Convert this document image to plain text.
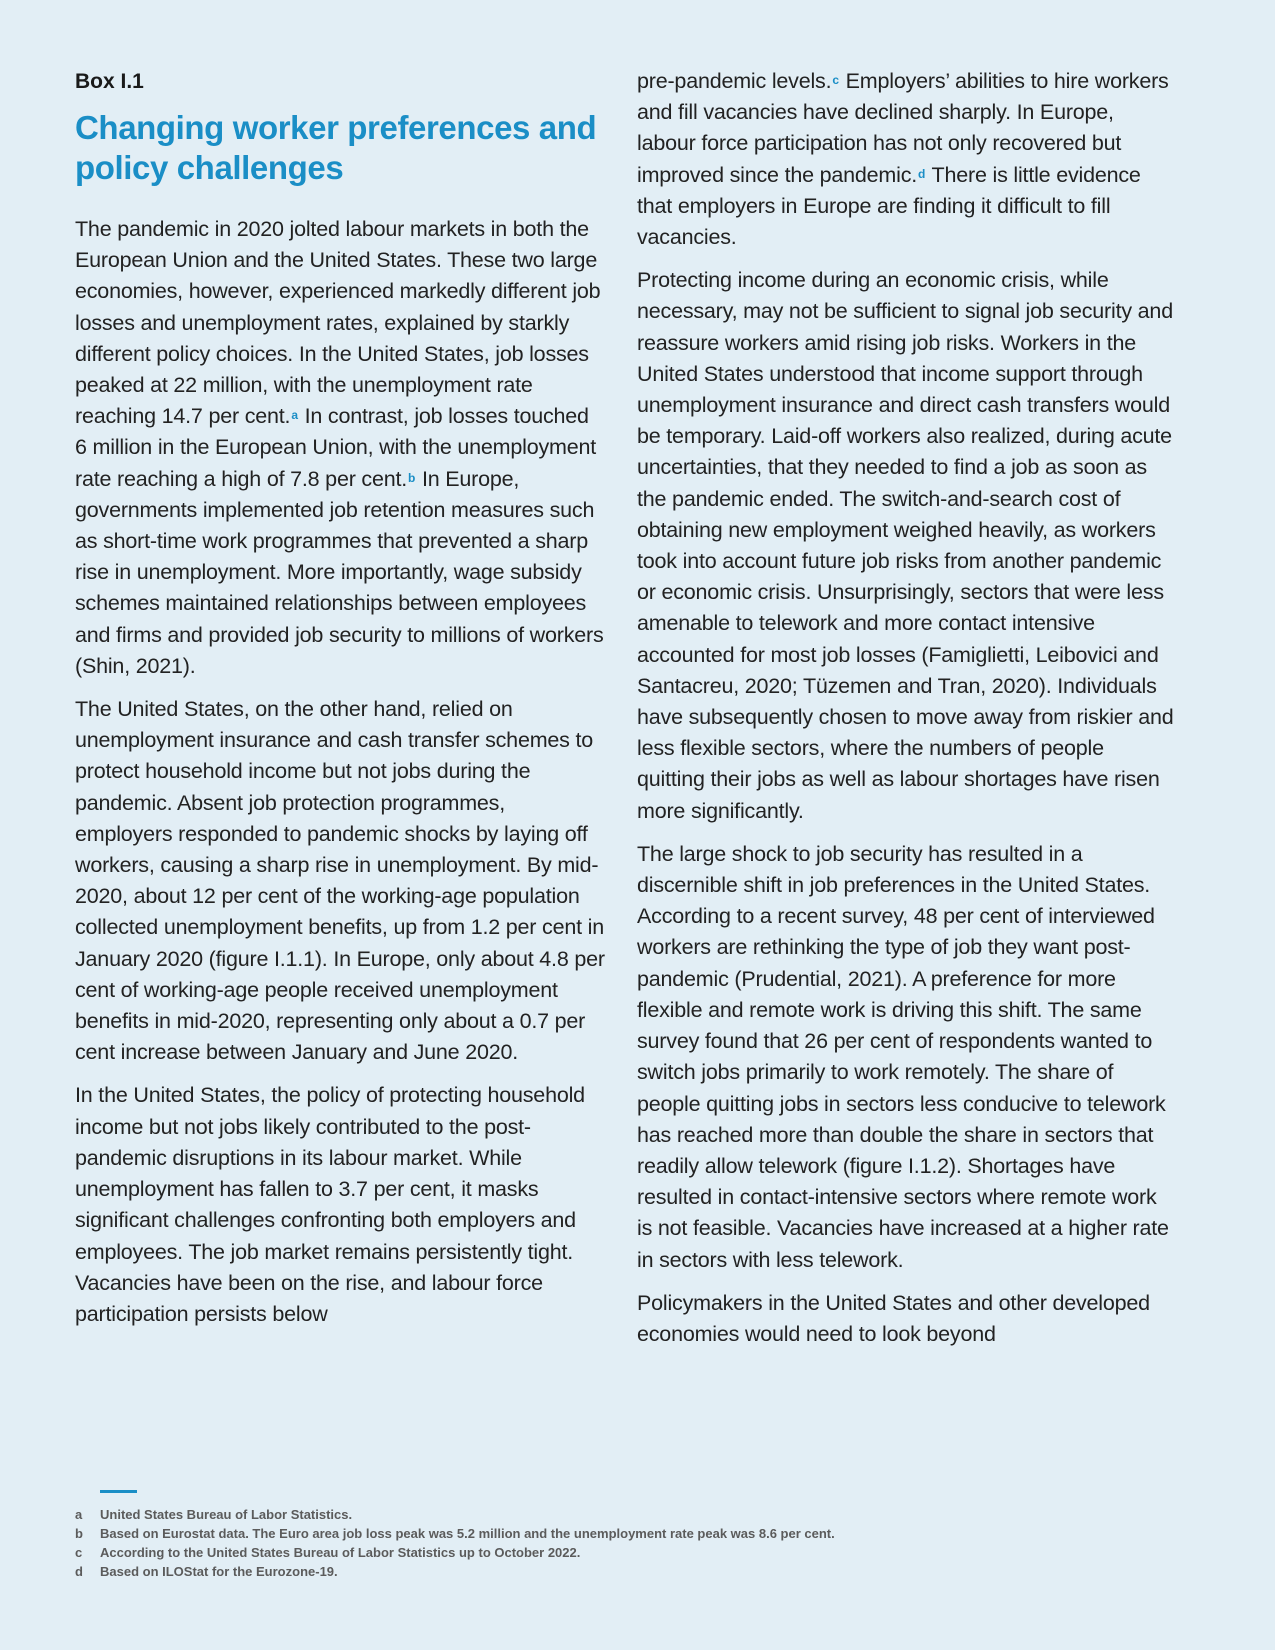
Box I.1
Changing worker preferences and policy challenges

The pandemic in 2020 jolted labour markets in both the European Union and the United States. These two large economies, however, experienced markedly different job losses and unemployment rates, explained by starkly different policy choices. In the United States, job losses peaked at 22 million, with the unemployment rate reaching 14.7 per cent.$^a$ In contrast, job losses touched 6 million in the European Union, with the unemployment rate reaching a high of 7.8 per cent.$^b$ In Europe, governments implemented job retention measures such as short-time work programmes that prevented a sharp rise in unemployment. More importantly, wage subsidy schemes maintained relationships between employees and firms and provided job security to millions of workers (Shin, 2021).

The United States, on the other hand, relied on unemployment insurance and cash transfer schemes to protect household income but not jobs during the pandemic. Absent job protection programmes, employers responded to pandemic shocks by laying off workers, causing a sharp rise in unemployment. By mid-2020, about 12 per cent of the working-age population collected unemployment benefits, up from 1.2 per cent in January 2020 (figure I.1.1). In Europe, only about 4.8 per cent of working-age people received unemployment benefits in mid-2020, representing only about a 0.7 per cent increase between January and June 2020.

In the United States, the policy of protecting household income but not jobs likely contributed to the post-pandemic disruptions in its labour market. While unemployment has fallen to 3.7 per cent, it masks significant challenges confronting both employers and employees. The job market remains persistently tight. Vacancies have been on the rise, and labour force participation persists below

pre-pandemic levels.$^c$ Employers’ abilities to hire workers and fill vacancies have declined sharply. In Europe, labour force participation has not only recovered but improved since the pandemic.$^d$ There is little evidence that employers in Europe are finding it difficult to fill vacancies.

Protecting income during an economic crisis, while necessary, may not be sufficient to signal job security and reassure workers amid rising job risks. Workers in the United States understood that income support through unemployment insurance and direct cash transfers would be temporary. Laid-off workers also realized, during acute uncertainties, that they needed to find a job as soon as the pandemic ended. The switch-and-search cost of obtaining new employment weighed heavily, as workers took into account future job risks from another pandemic or economic crisis. Unsurprisingly, sectors that were less amenable to telework and more contact intensive accounted for most job losses (Famiglietti, Leibovici and Santacreu, 2020; Tüzemen and Tran, 2020). Individuals have subsequently chosen to move away from riskier and less flexible sectors, where the numbers of people quitting their jobs as well as labour shortages have risen more significantly.

The large shock to job security has resulted in a discernible shift in job preferences in the United States. According to a recent survey, 48 per cent of interviewed workers are rethinking the type of job they want post-pandemic (Prudential, 2021). A preference for more flexible and remote work is driving this shift. The same survey found that 26 per cent of respondents wanted to switch jobs primarily to work remotely. The share of people quitting jobs in sectors less conducive to telework has reached more than double the share in sectors that readily allow telework (figure I.1.2). Shortages have resulted in contact-intensive sectors where remote work is not feasible. Vacancies have increased at a higher rate in sectors with less telework.

Policymakers in the United States and other developed economies would need to look beyond

a	United States Bureau of Labor Statistics.
b	Based on Eurostat data. The Euro area job loss peak was 5.2 million and the unemployment rate peak was 8.6 per cent.
c	According to the United States Bureau of Labor Statistics up to October 2022.
d	Based on ILOStat for the Eurozone-19.
